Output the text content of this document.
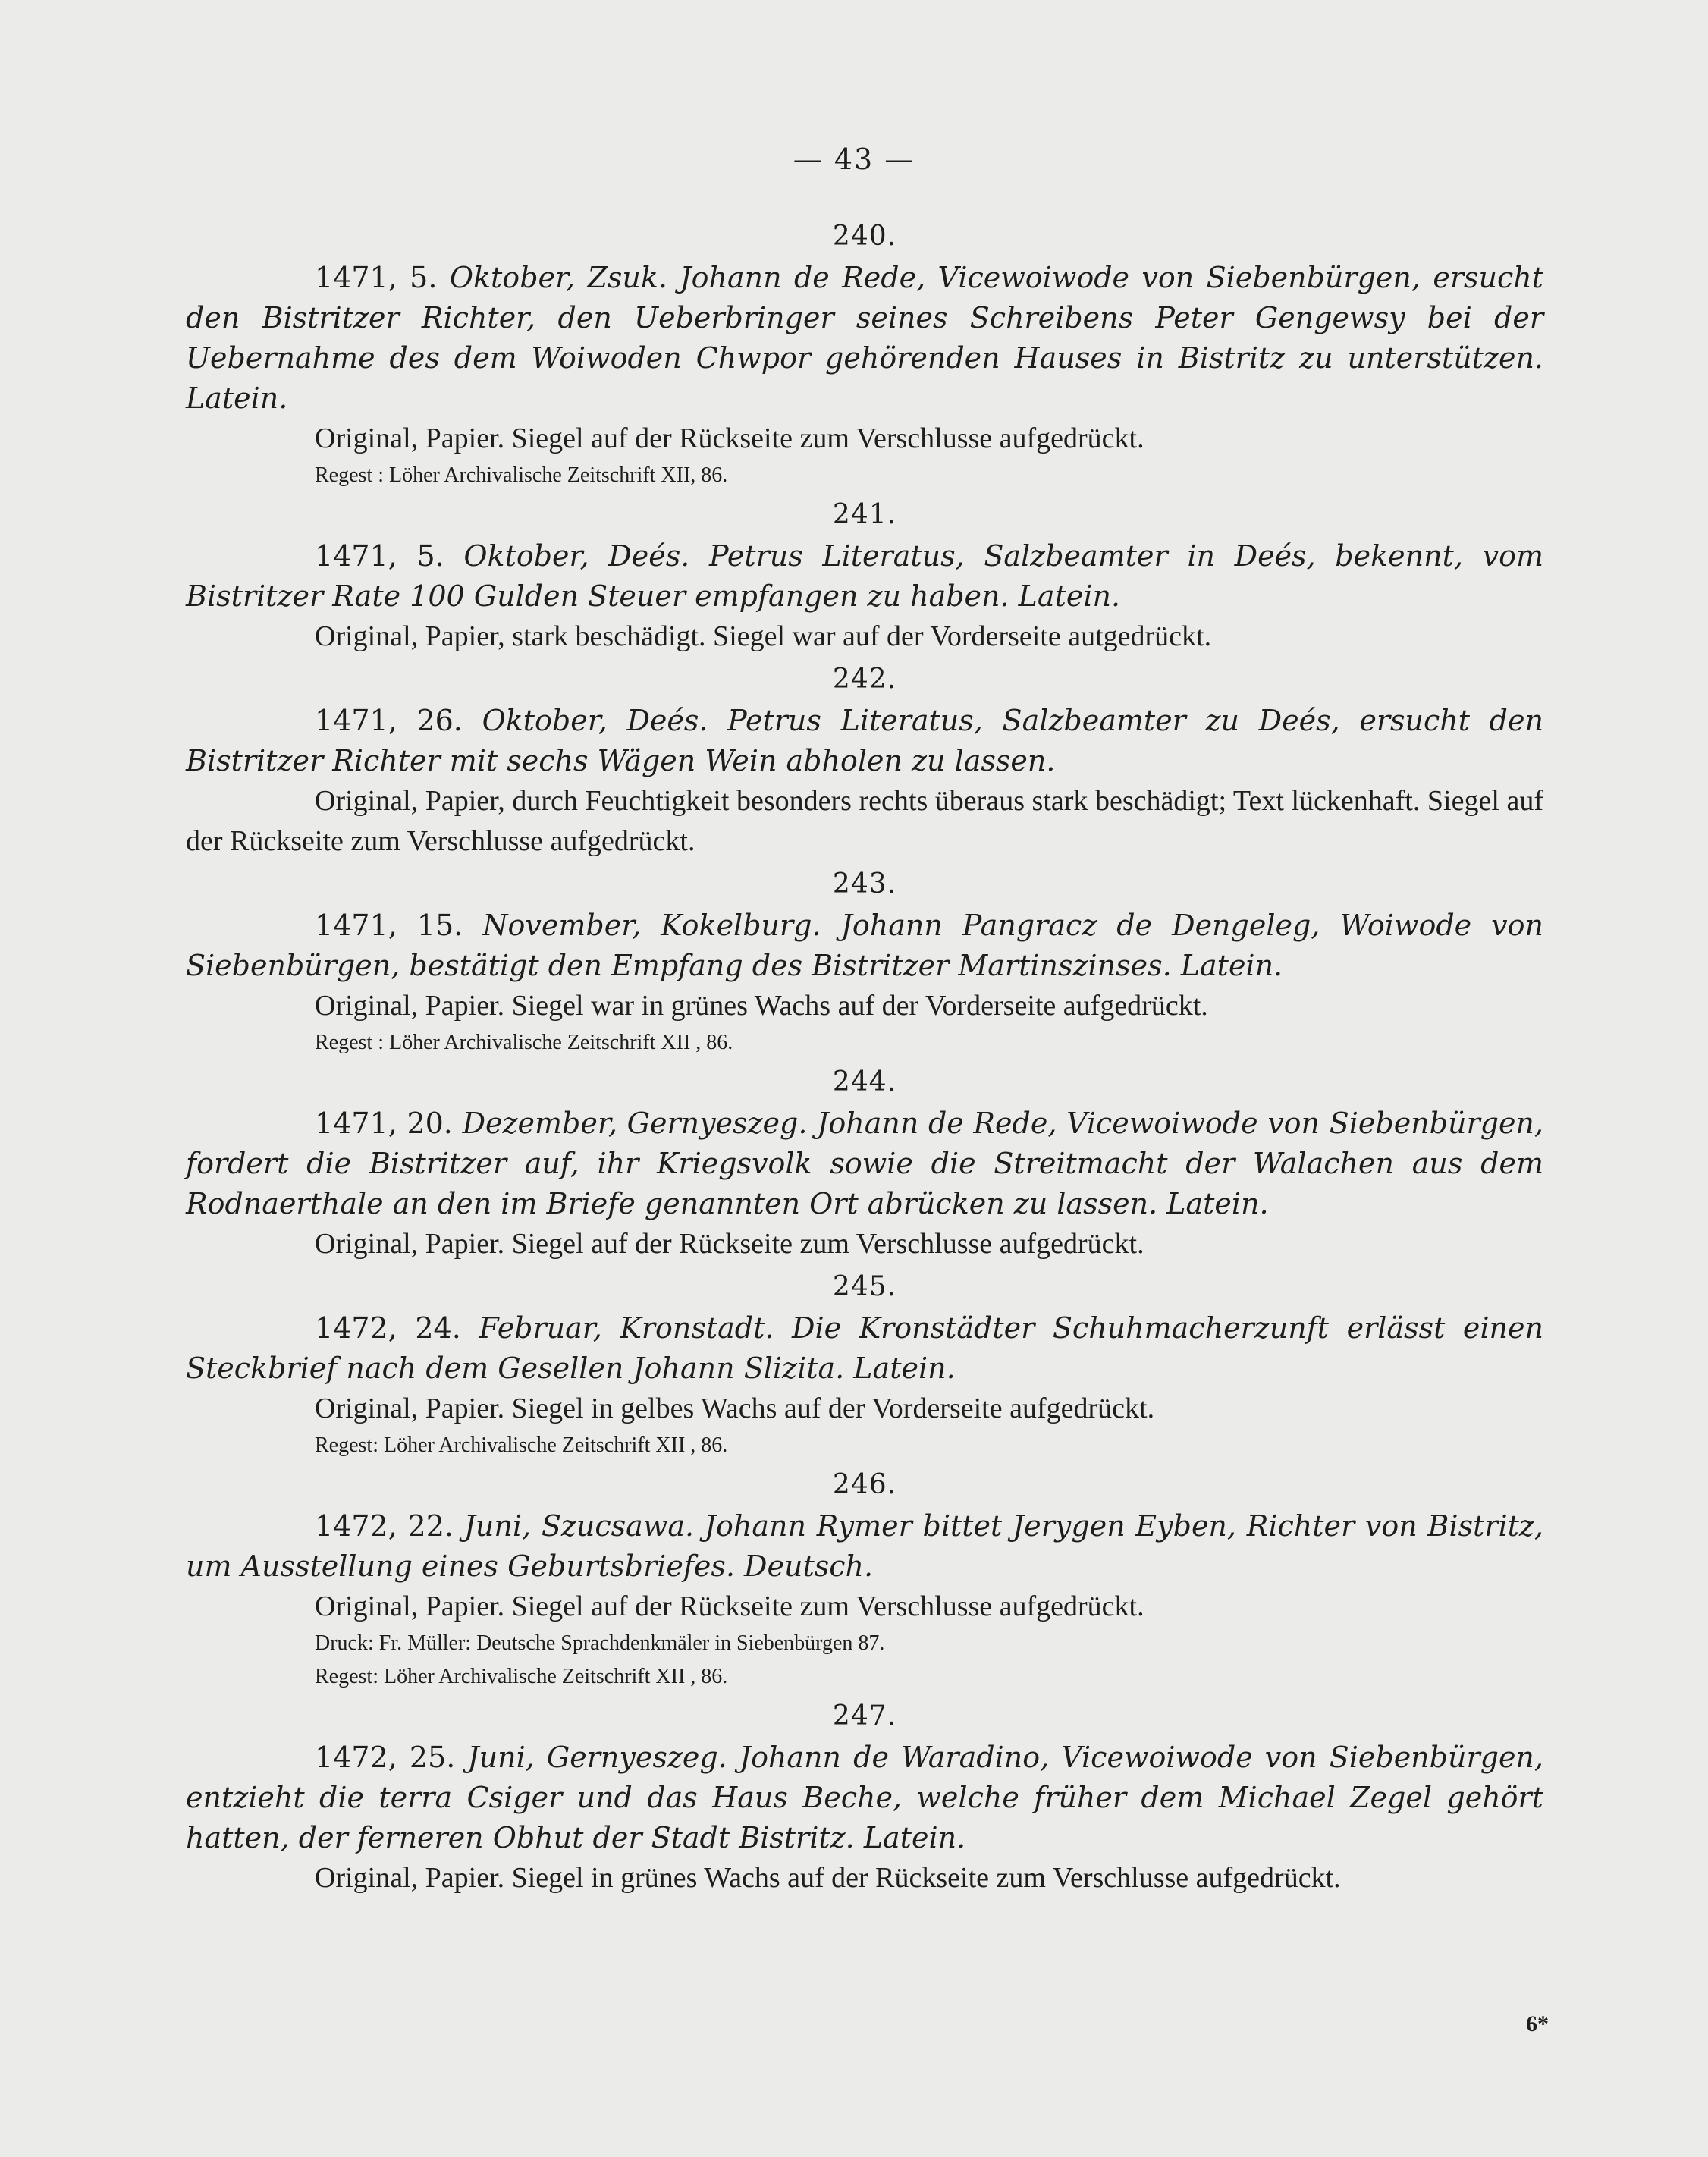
— 43 —
240.

1471, 5. Oktober, Zsuk. Johann de Rede, Vicewoiwode von Siebenbürgen, ersucht den Bistritzer Richter, den Ueberbringer seines Schreibens Peter Gengewsy bei der Uebernahme des dem Woiwoden Chwpor gehörenden Hauses in Bistritz zu unterstützen. Latein.

Original, Papier. Siegel auf der Rückseite zum Verschlusse aufgedrückt.

Regest : Löher Archivalische Zeitschrift XII, 86.

241.

1471, 5. Oktober, Deés. Petrus Literatus, Salzbeamter in Deés, bekennt, vom Bistritzer Rate 100 Gulden Steuer empfangen zu haben. Latein.

Original, Papier, stark beschädigt. Siegel war auf der Vorderseite autgedrückt.

242.

1471, 26. Oktober, Deés. Petrus Literatus, Salzbeamter zu Deés, ersucht den Bistritzer Richter mit sechs Wägen Wein abholen zu lassen.

Original, Papier, durch Feuchtigkeit besonders rechts überaus stark beschädigt; Text lückenhaft. Siegel auf der Rückseite zum Verschlusse aufgedrückt.

243.

1471, 15. November, Kokelburg. Johann Pangracz de Dengeleg, Woiwode von Siebenbürgen, bestätigt den Empfang des Bistritzer Martinszinses. Latein.

Original, Papier. Siegel war in grünes Wachs auf der Vorderseite aufgedrückt.

Regest : Löher Archivalische Zeitschrift XII , 86.

244.

1471, 20. Dezember, Gernyeszeg. Johann de Rede, Vicewoiwode von Siebenbürgen, fordert die Bistritzer auf, ihr Kriegsvolk sowie die Streitmacht der Walachen aus dem Rodnaerthale an den im Briefe genannten Ort abrücken zu lassen. Latein.

Original, Papier. Siegel auf der Rückseite zum Verschlusse aufgedrückt.

245.

1472, 24. Februar, Kronstadt. Die Kronstädter Schuhmacherzunft erlässt einen Steckbrief nach dem Gesellen Johann Slizita. Latein.

Original, Papier. Siegel in gelbes Wachs auf der Vorderseite aufgedrückt.

Regest: Löher Archivalische Zeitschrift XII , 86.

246.

1472, 22. Juni, Szucsawa. Johann Rymer bittet Jerygen Eyben, Richter von Bistritz, um Ausstellung eines Geburtsbriefes. Deutsch.

Original, Papier. Siegel auf der Rückseite zum Verschlusse aufgedrückt.

Druck: Fr. Müller: Deutsche Sprachdenkmäler in Siebenbürgen 87.

Regest: Löher Archivalische Zeitschrift XII , 86.

247.

1472, 25. Juni, Gernyeszeg. Johann de Waradino, Vicewoiwode von Siebenbürgen, entzieht die terra Csiger und das Haus Beche, welche früher dem Michael Zegel gehört hatten, der ferneren Obhut der Stadt Bistritz. Latein.

Original, Papier. Siegel in grünes Wachs auf der Rückseite zum Verschlusse aufgedrückt.

6*
